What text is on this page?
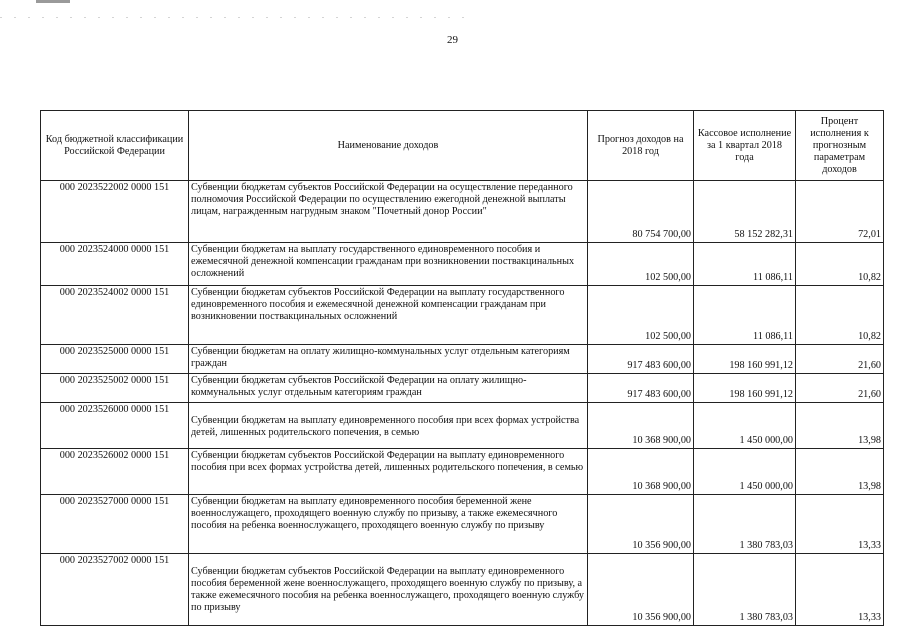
29
Код бюджетной классификации Российской Федерации	Наименование доходов	Прогноз доходов на 2018 год	Кассовое исполнение за 1 квартал 2018 года	Процент исполнения к прогнозным параметрам доходов
000 2023522002 0000 151	Субвенции бюджетам субъектов Российской Федерации на осуществление переданного полномочия Российской Федерации по осуществлению ежегодной денежной выплаты лицам, награжденным нагрудным знаком "Почетный донор России"	80 754 700,00	58 152 282,31	72,01
000 2023524000 0000 151	Субвенции бюджетам на выплату государственного единовременного пособия и ежемесячной денежной компенсации гражданам при возникновении поствакцинальных осложнений	102 500,00	11 086,11	10,82
000 2023524002 0000 151	Субвенции бюджетам субъектов Российской Федерации на выплату государственного единовременного пособия и ежемесячной денежной компенсации гражданам при возникновении поствакцинальных осложнений	102 500,00	11 086,11	10,82
000 2023525000 0000 151	Субвенции бюджетам на оплату жилищно-коммунальных услуг отдельным категориям граждан	917 483 600,00	198 160 991,12	21,60
000 2023525002 0000 151	Субвенции бюджетам субъектов Российской Федерации на оплату жилищно-коммунальных услуг отдельным категориям граждан	917 483 600,00	198 160 991,12	21,60
000 2023526000 0000 151	Субвенции бюджетам на выплату единовременного пособия при всех формах устройства детей, лишенных родительского попечения, в семью	10 368 900,00	1 450 000,00	13,98
000 2023526002 0000 151	Субвенции бюджетам субъектов Российской Федерации на выплату единовременного пособия при всех формах устройства детей, лишенных родительского попечения, в семью	10 368 900,00	1 450 000,00	13,98
000 2023527000 0000 151	Субвенции бюджетам на выплату единовременного пособия беременной жене военнослужащего, проходящего военную службу по призыву, а также ежемесячного пособия на ребенка военнослужащего, проходящего военную службу по призыву	10 356 900,00	1 380 783,03	13,33
000 2023527002 0000 151	Субвенции бюджетам субъектов Российской Федерации на выплату единовременного пособия беременной жене военнослужащего, проходящего военную службу по призыву, а также ежемесячного пособия на ребенка военнослужащего, проходящего военную службу по призыву	10 356 900,00	1 380 783,03	13,33
